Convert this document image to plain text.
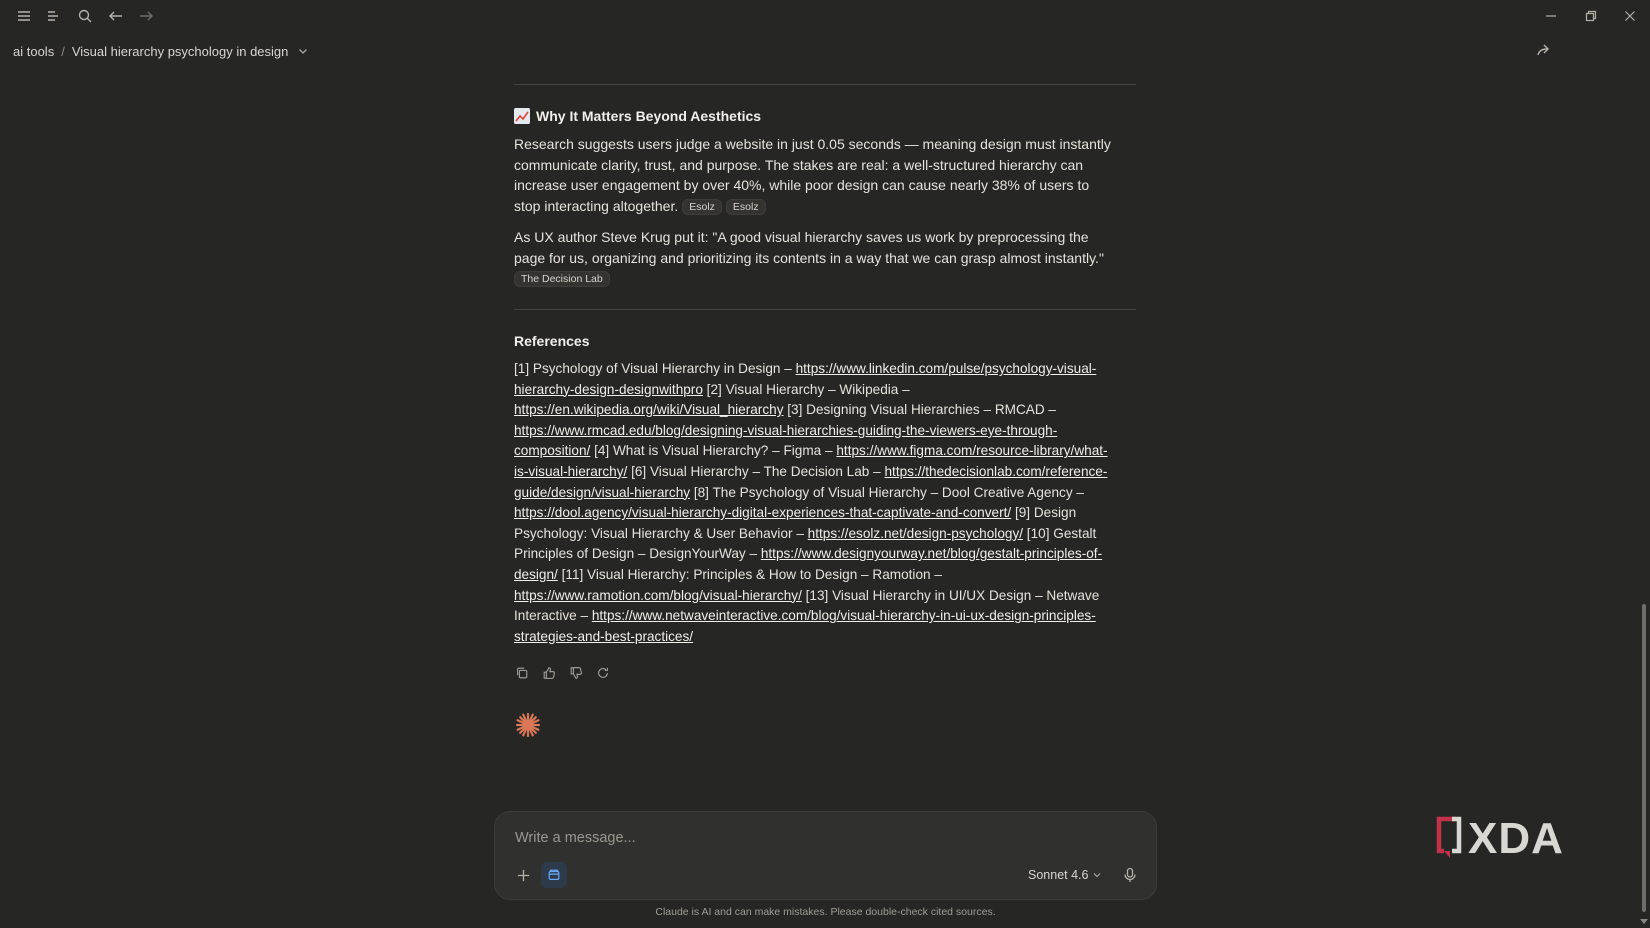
ai tools / Visual hierarchy psychology in design
Why It Matters Beyond Aesthetics
Research suggests users judge a website in just 0.05 seconds — meaning design must instantly communicate clarity, trust, and purpose. The stakes are real: a well-structured hierarchy can increase user engagement by over 40%, while poor design can cause nearly 38% of users to stop interacting altogether. Esolz Esolz
As UX author Steve Krug put it: "A good visual hierarchy saves us work by preprocessing the page for us, organizing and prioritizing its contents in a way that we can grasp almost instantly."
The Decision Lab
References
[1] Psychology of Visual Hierarchy in Design – https://www.linkedin.com/pulse/psychology-visual-hierarchy-design-designwithpro [2] Visual Hierarchy – Wikipedia – https://en.wikipedia.org/wiki/Visual_hierarchy [3] Designing Visual Hierarchies – RMCAD – https://www.rmcad.edu/blog/designing-visual-hierarchies-guiding-the-viewers-eye-through-composition/ [4] What is Visual Hierarchy? – Figma – https://www.figma.com/resource-library/what-is-visual-hierarchy/ [6] Visual Hierarchy – The Decision Lab – https://thedecisionlab.com/reference-guide/design/visual-hierarchy [8] The Psychology of Visual Hierarchy – Dool Creative Agency – https://dool.agency/visual-hierarchy-digital-experiences-that-captivate-and-convert/ [9] Design Psychology: Visual Hierarchy & User Behavior – https://esolz.net/design-psychology/ [10] Gestalt Principles of Design – DesignYourWay – https://www.designyourway.net/blog/gestalt-principles-of-design/ [11] Visual Hierarchy: Principles & How to Design – Ramotion – https://www.ramotion.com/blog/visual-hierarchy/ [13] Visual Hierarchy in UI/UX Design – Netwave Interactive – https://www.netwaveinteractive.com/blog/visual-hierarchy-in-ui-ux-design-principles-strategies-and-best-practices/
Write a message...
Sonnet 4.6
Claude is AI and can make mistakes. Please double-check cited sources.
XDA
